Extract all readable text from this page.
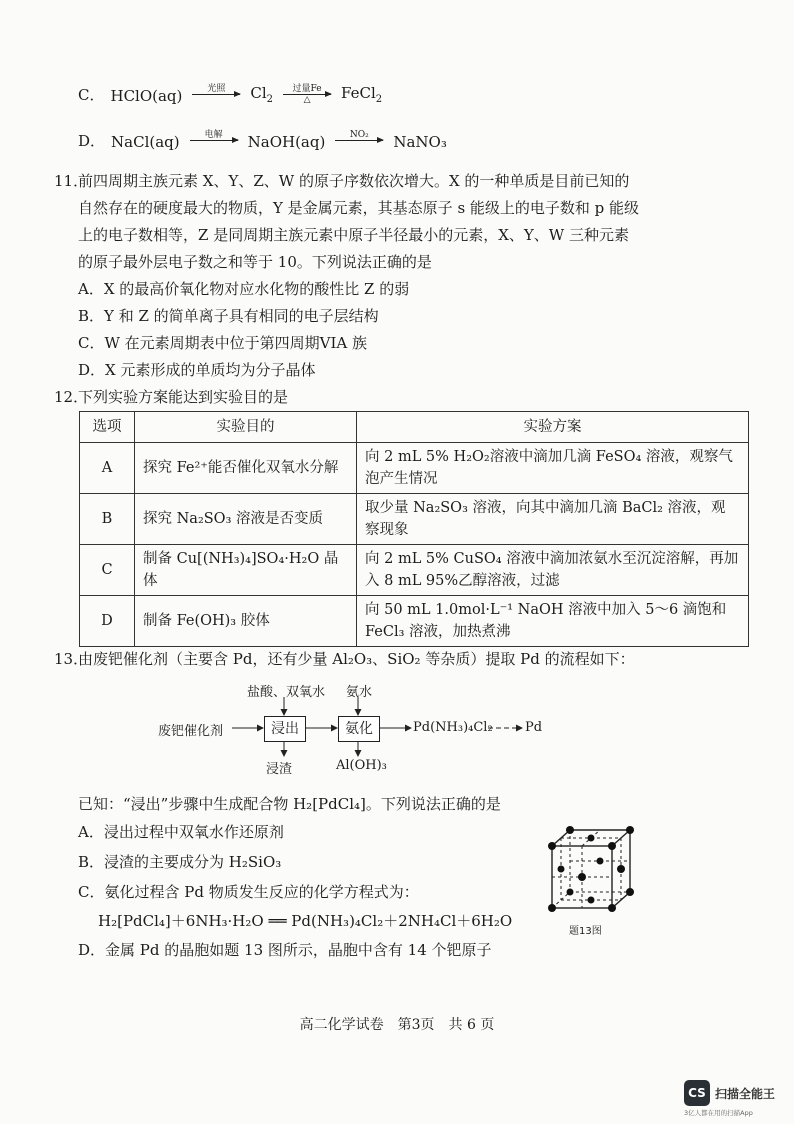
C． HClO(aq)	光照 $Cl_2$
过量Fe
△ FeCl$_2$
D． NaCl(aq)	电解 NaOH(aq)	NO₂ NaNO₃
11．
前四周期主族元素 X、Y、Z、W 的原子序数依次增大。X 的一种单质是目前已知的
自然存在的硬度最大的物质，Y 是金属元素，其基态原子 s 能级上的电子数和 p 能级
上的电子数相等，Z 是同周期主族元素中原子半径最小的元素，X、Y、W 三种元素
的原子最外层电子数之和等于 10。下列说法正确的是
A．X 的最高价氧化物对应水化物的酸性比 Z 的弱
B．Y 和 Z 的简单离子具有相同的电子层结构
C．W 在元素周期表中位于第四周期VIA 族
D．X 元素形成的单质均为分子晶体
12．
下列实验方案能达到实验目的是
选项	实验目的	实验方案
A	探究 Fe²⁺能否催化双氧水分解	向 2 mL 5% H₂O₂溶液中滴加几滴 FeSO₄ 溶液，观察气泡产生情况
B	探究 Na₂SO₃ 溶液是否变质	取少量 Na₂SO₃ 溶液，向其中滴加几滴 BaCl₂ 溶液，观察现象
C	制备 Cu[(NH₃)₄]SO₄·H₂O 晶体	向 2 mL 5% CuSO₄ 溶液中滴加浓氨水至沉淀溶解，再加入 8 mL 95%乙醇溶液，过滤
D	制备 Fe(OH)₃ 胶体	向 50 mL 1.0mol·L⁻¹ NaOH 溶液中加入 5～6 滴饱和 FeCl₃ 溶液，加热煮沸
13．
由废钯催化剂（主要含 Pd，还有少量 Al₂O₃、SiO₂ 等杂质）提取 Pd 的流程如下：
盐酸、双氧水 氨水
废钯催化剂	浸出	氨化	Pd(NH₃)₄Cl₂ Pd
浸渣	Al(OH)₃
已知：“浸出”步骤中生成配合物 H₂[PdCl₄]。下列说法正确的是
A．浸出过程中双氧水作还原剂
B．浸渣的主要成分为 H₂SiO₃
C．氨化过程含 Pd 物质发生反应的化学方程式为：
H₂[PdCl₄]＋6NH₃·H₂O ══ Pd(NH₃)₄Cl₂＋2NH₄Cl＋6H₂O
D．金属 Pd 的晶胞如题 13 图所示，晶胞中含有 14 个钯原子
题13图
高二化学试卷　第3页　共 6 页
CS 扫描全能王
3亿人都在用的扫描App
